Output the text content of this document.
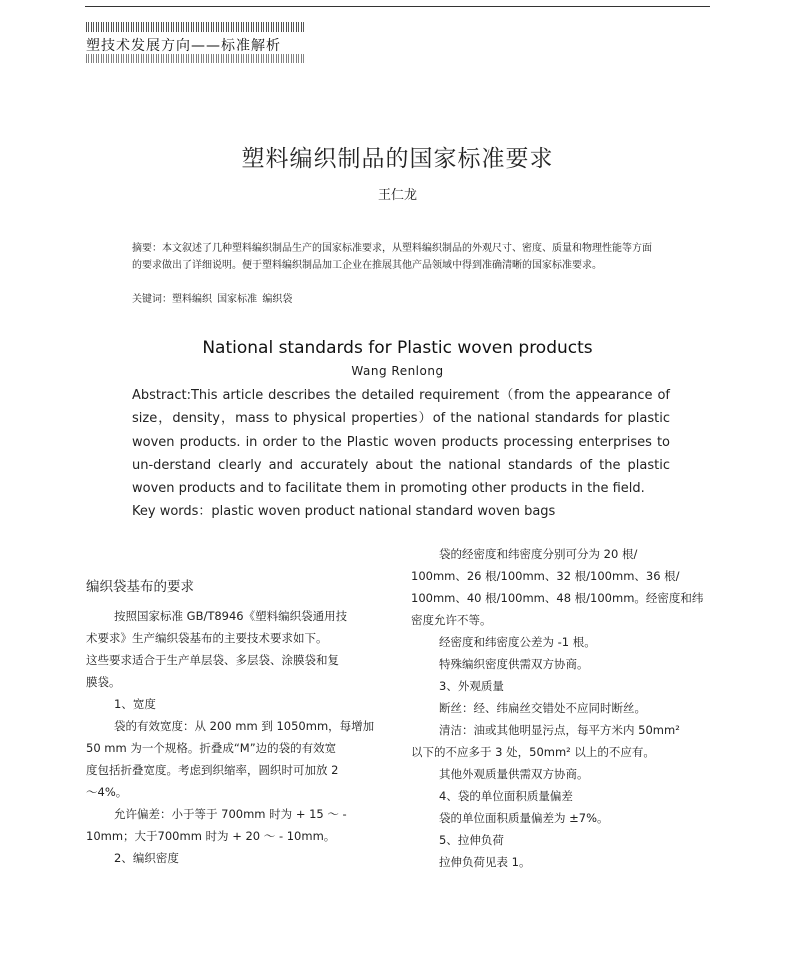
塑技术发展方向——标准解析
塑料编织制品的国家标准要求
王仁龙
摘要：本文叙述了几种塑料编织制品生产的国家标准要求，从塑料编织制品的外观尺寸、密度、质量和物理性能等方面的要求做出了详细说明。便于塑料编织制品加工企业在推展其他产品领域中得到准确清晰的国家标准要求。
关键词：塑料编织 国家标准 编织袋
National standards for Plastic woven products
Wang Renlong
Abstract:This article describes the detailed requirement（from the appearance of size，density，mass to physical properties）of the national standards for plastic woven products. in order to the Plastic woven products processing enterprises to un-derstand clearly and accurately about the national standards of the plastic woven products and to facilitate them in promoting other products in the field.
Key words：plastic woven product national standard woven bags
编织袋基布的要求

按照国家标准 GB/T8946《塑料编织袋通用技

术要求》生产编织袋基布的主要技术要求如下。

这些要求适合于生产单层袋、多层袋、涂膜袋和复

膜袋。

1、宽度

袋的有效宽度：从 200 mm 到 1050mm，每增加

50 mm 为一个规格。折叠成“M”边的袋的有效宽

度包括折叠宽度。考虑到织缩率，圆织时可加放 2

～4%。

允许偏差：小于等于 700mm 时为 + 15 ～ -

10mm；大于700mm 时为 + 20 ～ - 10mm。

2、编织密度

袋的经密度和纬密度分别可分为 20 根/

100mm、26 根/100mm、32 根/100mm、36 根/

100mm、40 根/100mm、48 根/100mm。经密度和纬

密度允许不等。

经密度和纬密度公差为 -1 根。

特殊编织密度供需双方协商。

3、外观质量

断丝：经、纬扁丝交错处不应同时断丝。

清洁：油或其他明显污点，每平方米内 50mm²

以下的不应多于 3 处，50mm² 以上的不应有。

其他外观质量供需双方协商。

4、袋的单位面积质量偏差

袋的单位面积质量偏差为 ±7%。

5、拉伸负荷

拉伸负荷见表 1。
